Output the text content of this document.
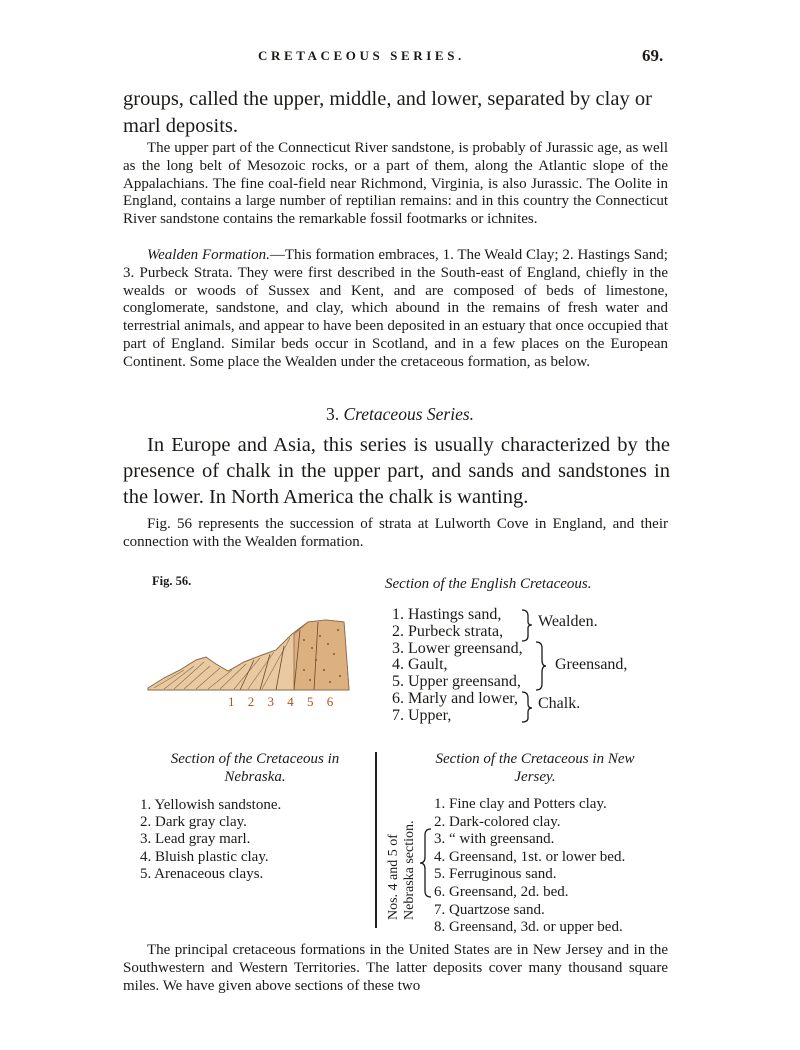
CRETACEOUS SERIES.	69.

groups, called the upper, middle, and lower, separated by clay or marl deposits.

The upper part of the Connecticut River sandstone, is probably of Jurassic age, as well as the long belt of Mesozoic rocks, or a part of them, along the Atlantic slope of the Appalachians. The fine coal-field near Richmond, Virginia, is also Jurassic. The Oolite in England, contains a large number of reptilian remains: and in this country the Connecticut River sandstone contains the remarkable fossil footmarks or ichnites.

Wealden Formation.—This formation embraces, 1. The Weald Clay; 2. Hastings Sand; 3. Purbeck Strata. They were first described in the South-east of England, chiefly in the wealds or woods of Sussex and Kent, and are composed of beds of limestone, conglomerate, sandstone, and clay, which abound in the remains of fresh water and terrestrial animals, and appear to have been deposited in an estuary that once occupied that part of England. Similar beds occur in Scotland, and in a few places on the European Continent. Some place the Wealden under the cretaceous formation, as below.

3. Cretaceous Series.

In Europe and Asia, this series is usually characterized by the presence of chalk in the upper part, and sands and sandstones in the lower. In North America the chalk is wanting.

Fig. 56 represents the succession of strata at Lulworth Cove in England, and their connection with the Wealden formation.

Fig. 56.
1 2 3 4 5 6
Section of the English Cretaceous.
1. Hastings sand,
2. Purbeck strata,
3. Lower greensand,
4. Gault,
5. Upper greensand,
6. Marly and lower,
7. Upper,
Wealden.
Greensand,
Chalk.
Section of the Cretaceous in
Nebraska.
1. Yellowish sandstone.
2. Dark gray clay.
3. Lead gray marl.
4. Bluish plastic clay.
5. Arenaceous clays.
Section of the Cretaceous in New
Jersey.
Nos. 4 and 5 of Nebraska section.
1. Fine clay and Potters clay.
2. Dark-colored clay.
3. “ with greensand.
4. Greensand, 1st. or lower bed.
5. Ferruginous sand.
6. Greensand, 2d. bed.
7. Quartzose sand.
8. Greensand, 3d. or upper bed.

The principal cretaceous formations in the United States are in New Jersey and in the Southwestern and Western Territories. The latter deposits cover many thousand square miles. We have given above sections of these two
